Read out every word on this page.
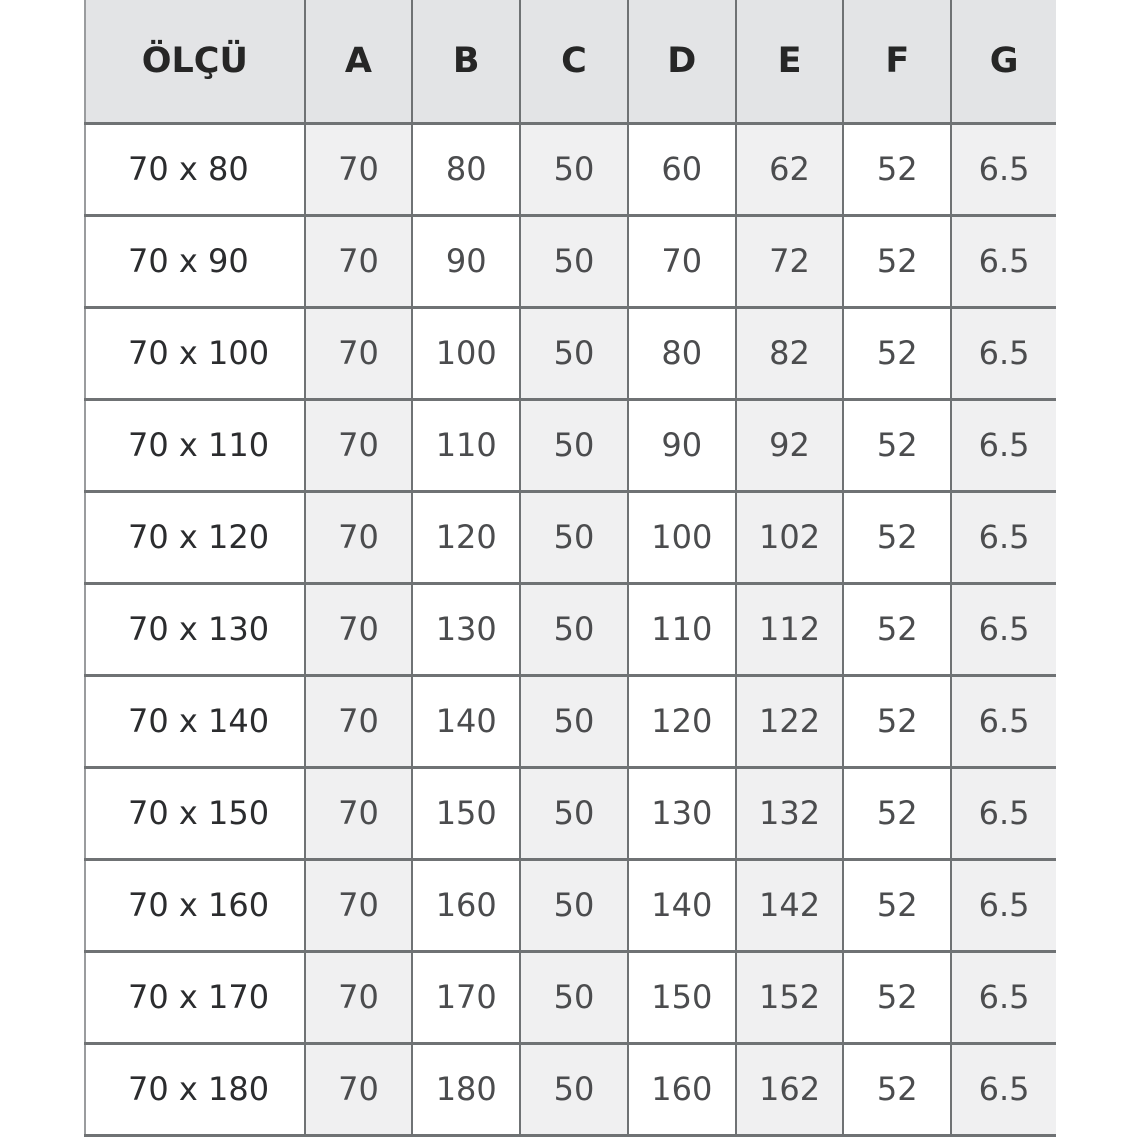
ÖLÇÜ	A	B	C	D	E	F	G
70 x 80	70	80	50	60	62	52	6.5
70 x 90	70	90	50	70	72	52	6.5
70 x 100	70	100	50	80	82	52	6.5
70 x 110	70	110	50	90	92	52	6.5
70 x 120	70	120	50	100	102	52	6.5
70 x 130	70	130	50	110	112	52	6.5
70 x 140	70	140	50	120	122	52	6.5
70 x 150	70	150	50	130	132	52	6.5
70 x 160	70	160	50	140	142	52	6.5
70 x 170	70	170	50	150	152	52	6.5
70 x 180	70	180	50	160	162	52	6.5
